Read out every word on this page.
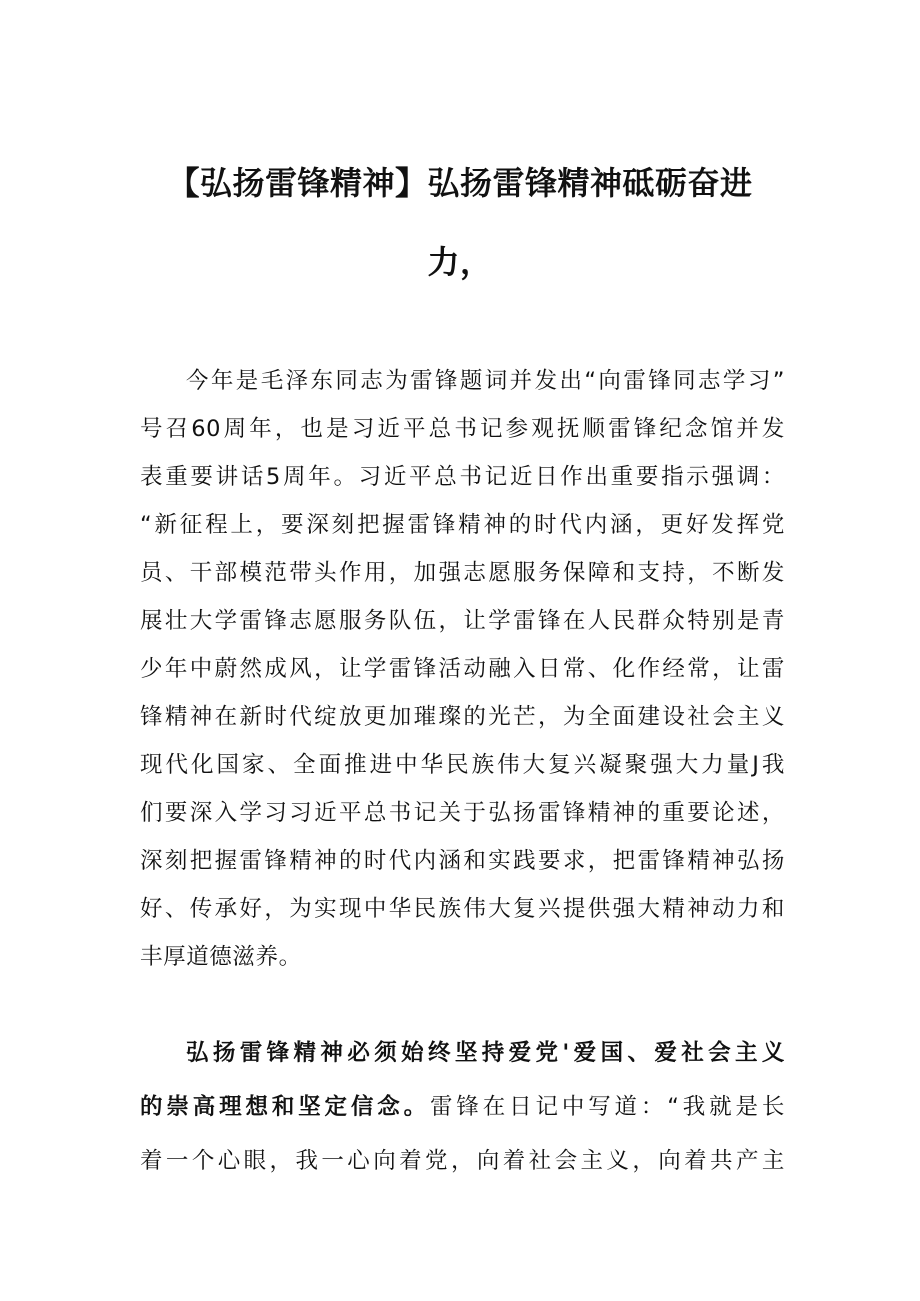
【弘扬雷锋精神】弘扬雷锋精神砥砺奋进
力，
今年是毛泽东同志为雷锋题词并发出“向雷锋同志学习”
号召60周年，也是习近平总书记参观抚顺雷锋纪念馆并发
表重要讲话5周年。习近平总书记近日作出重要指示强调：
“新征程上，要深刻把握雷锋精神的时代内涵，更好发挥党
员、干部模范带头作用，加强志愿服务保障和支持，不断发
展壮大学雷锋志愿服务队伍，让学雷锋在人民群众特别是青
少年中蔚然成风，让学雷锋活动融入日常、化作经常，让雷
锋精神在新时代绽放更加璀璨的光芒，为全面建设社会主义
现代化国家、全面推进中华民族伟大复兴凝聚强大力量J我
们要深入学习习近平总书记关于弘扬雷锋精神的重要论述，
深刻把握雷锋精神的时代内涵和实践要求，把雷锋精神弘扬
好、传承好，为实现中华民族伟大复兴提供强大精神动力和
丰厚道德滋养。
弘扬雷锋精神必须始终坚持爱党'爱国、爱社会主义
的崇高理想和坚定信念。雷锋在日记中写道：“我就是长
着一个心眼，我一心向着党，向着社会主义，向着共产主
